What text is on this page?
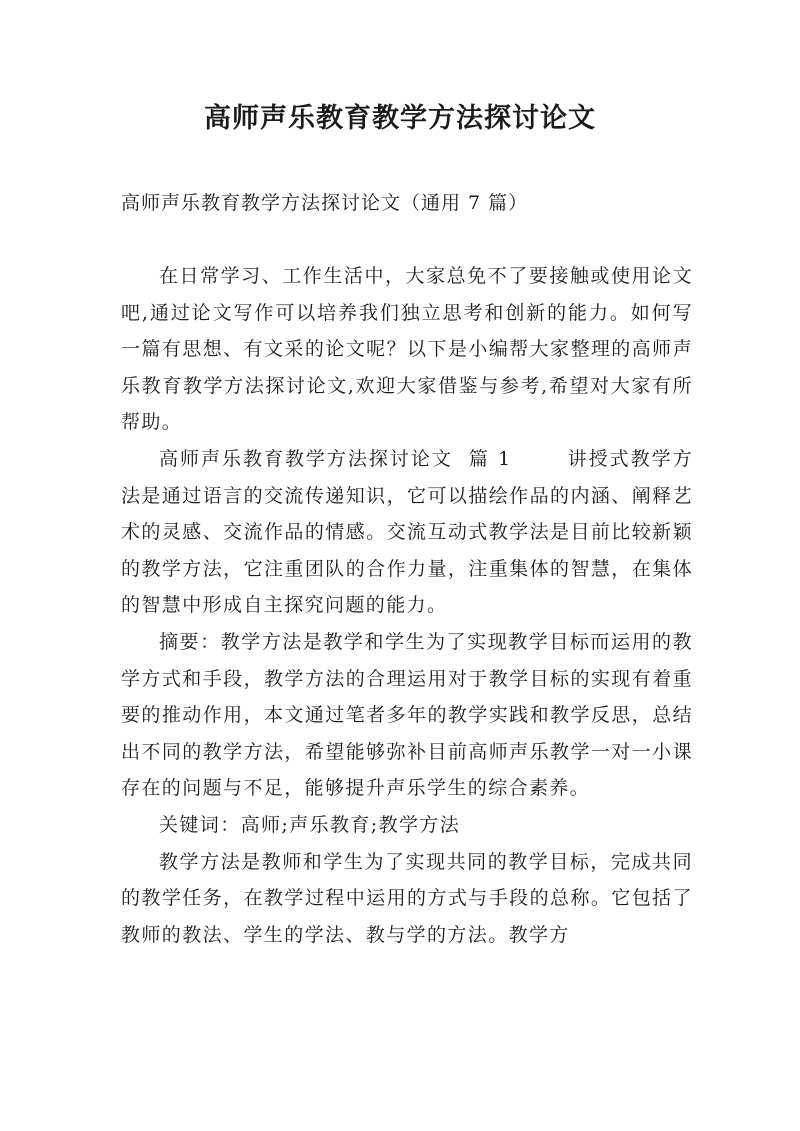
高师声乐教育教学方法探讨论文
高师声乐教育教学方法探讨论文（通用 7 篇）

在日常学习、工作生活中，大家总免不了要接触或使用论文吧,通过论文写作可以培养我们独立思考和创新的能力。如何写一篇有思想、有文采的论文呢？以下是小编帮大家整理的高师声乐教育教学方法探讨论文,欢迎大家借鉴与参考,希望对大家有所帮助。

高师声乐教育教学方法探讨论文  篇 1       讲授式教学方法是通过语言的交流传递知识，它可以描绘作品的内涵、阐释艺术的灵感、交流作品的情感。交流互动式教学法是目前比较新颖的教学方法，它注重团队的合作力量，注重集体的智慧，在集体的智慧中形成自主探究问题的能力。

摘要：教学方法是教学和学生为了实现教学目标而运用的教学方式和手段，教学方法的合理运用对于教学目标的实现有着重要的推动作用，本文通过笔者多年的教学实践和教学反思，总结出不同的教学方法，希望能够弥补目前高师声乐教学一对一小课存在的问题与不足，能够提升声乐学生的综合素养。

关键词：高师;声乐教育;教学方法

教学方法是教师和学生为了实现共同的教学目标，完成共同的教学任务，在教学过程中运用的方式与手段的总称。它包括了教师的教法、学生的学法、教与学的方法。教学方
